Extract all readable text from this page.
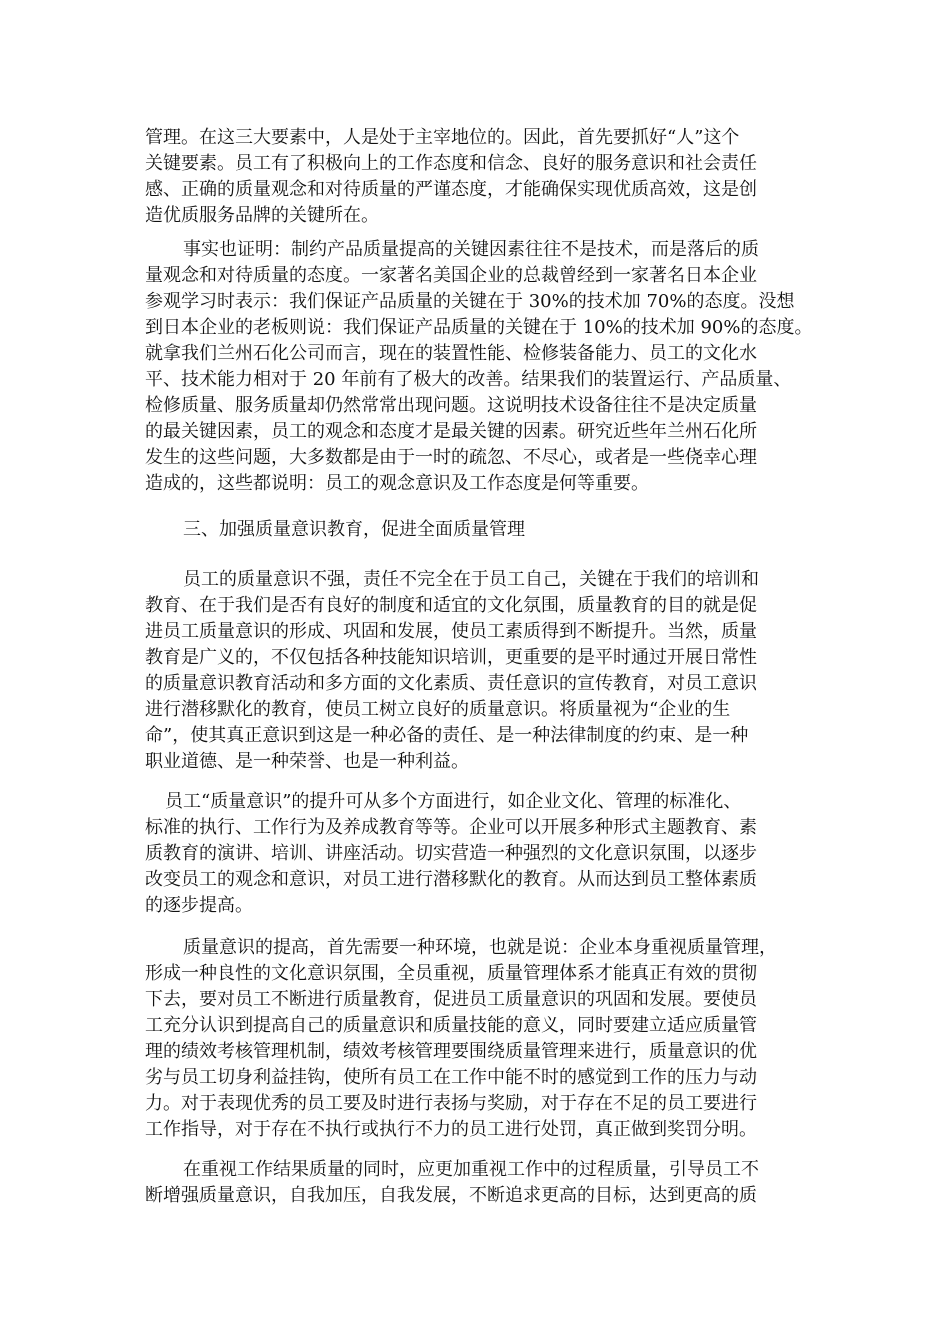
管理。在这三大要素中，人是处于主宰地位的。因此，首先要抓好“人”这个
关键要素。员工有了积极向上的工作态度和信念、良好的服务意识和社会责任
感、正确的质量观念和对待质量的严谨态度，才能确保实现优质高效，这是创
造优质服务品牌的关键所在。
事实也证明：制约产品质量提高的关键因素往往不是技术，而是落后的质
量观念和对待质量的态度。一家著名美国企业的总裁曾经到一家著名日本企业
参观学习时表示：我们保证产品质量的关键在于 30%的技术加 70%的态度。没想
到日本企业的老板则说：我们保证产品质量的关键在于 10%的技术加 90%的态度。
就拿我们兰州石化公司而言，现在的装置性能、检修装备能力、员工的文化水
平、技术能力相对于 20 年前有了极大的改善。结果我们的装置运行、产品质量、
检修质量、服务质量却仍然常常出现问题。这说明技术设备往往不是决定质量
的最关键因素，员工的观念和态度才是最关键的因素。研究近些年兰州石化所
发生的这些问题，大多数都是由于一时的疏忽、不尽心，或者是一些侥幸心理
造成的，这些都说明：员工的观念意识及工作态度是何等重要。
三、加强质量意识教育，促进全面质量管理
员工的质量意识不强，责任不完全在于员工自己，关键在于我们的培训和
教育、在于我们是否有良好的制度和适宜的文化氛围，质量教育的目的就是促
进员工质量意识的形成、巩固和发展，使员工素质得到不断提升。当然，质量
教育是广义的，不仅包括各种技能知识培训，更重要的是平时通过开展日常性
的质量意识教育活动和多方面的文化素质、责任意识的宣传教育，对员工意识
进行潜移默化的教育，使员工树立良好的质量意识。将质量视为“企业的生
命”，使其真正意识到这是一种必备的责任、是一种法律制度的约束、是一种
职业道德、是一种荣誉、也是一种利益。
员工“质量意识”的提升可从多个方面进行，如企业文化、管理的标准化、
标准的执行、工作行为及养成教育等等。企业可以开展多种形式主题教育、素
质教育的演讲、培训、讲座活动。切实营造一种强烈的文化意识氛围，以逐步
改变员工的观念和意识，对员工进行潜移默化的教育。从而达到员工整体素质
的逐步提高。
质量意识的提高，首先需要一种环境，也就是说：企业本身重视质量管理，
形成一种良性的文化意识氛围，全员重视，质量管理体系才能真正有效的贯彻
下去，要对员工不断进行质量教育，促进员工质量意识的巩固和发展。要使员
工充分认识到提高自己的质量意识和质量技能的意义，同时要建立适应质量管
理的绩效考核管理机制，绩效考核管理要围绕质量管理来进行，质量意识的优
劣与员工切身利益挂钩，使所有员工在工作中能不时的感觉到工作的压力与动
力。对于表现优秀的员工要及时进行表扬与奖励，对于存在不足的员工要进行
工作指导，对于存在不执行或执行不力的员工进行处罚，真正做到奖罚分明。
在重视工作结果质量的同时，应更加重视工作中的过程质量，引导员工不
断增强质量意识，自我加压，自我发展，不断追求更高的目标，达到更高的质
